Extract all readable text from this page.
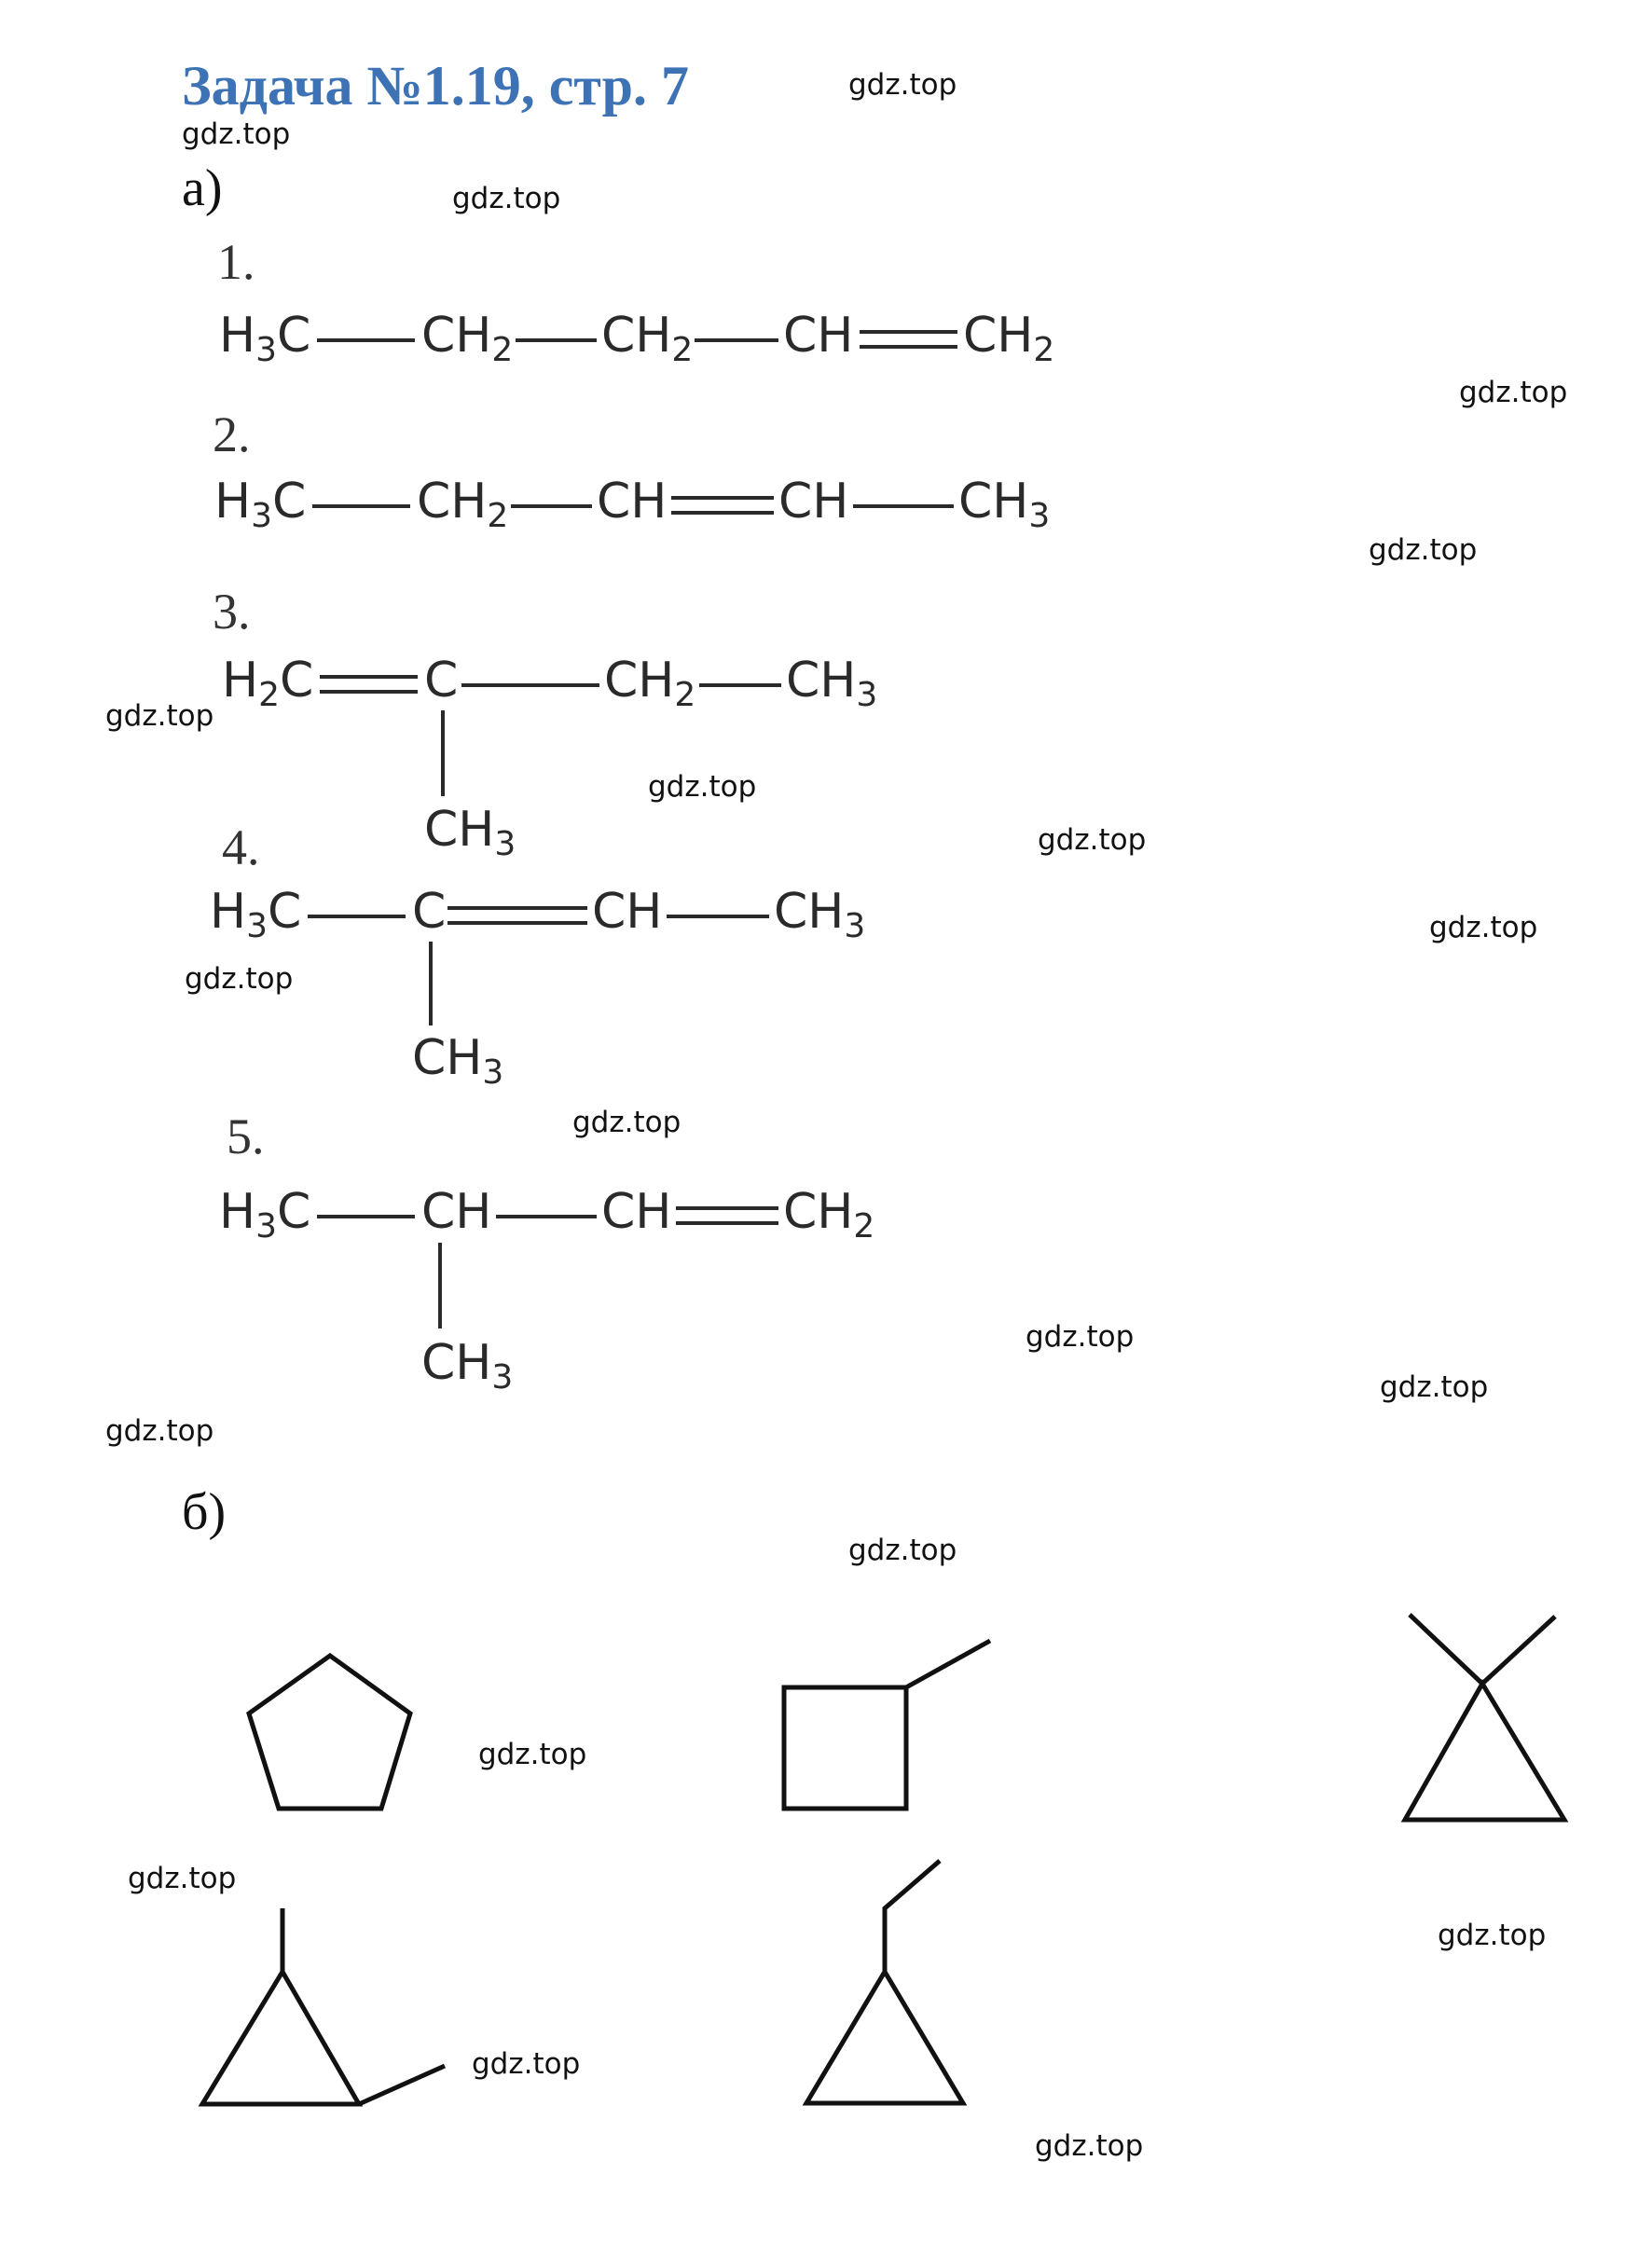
Задача №1.19, стр. 7	gdz.top
gdz.top
gdz.top
gdz.top
gdz.top
gdz.top
gdz.top
gdz.top
gdz.top
gdz.top
gdz.top
gdz.top
gdz.top
gdz.top
gdz.top
gdz.top
gdz.top
gdz.top
gdz.top
gdz.top
а)
1.
$H_3C$ $CH_2$ $CH_2$ CH $CH_2$
2.
$H_3C$ $CH_2$ CH CH $CH_3$
3.
$H_2C$ C	$CH_2$ $CH_3$
$CH_3$
4.
$H_3C$ C	CH $CH_3$
$CH_3$
5.
$H_3C$ CH CH $CH_2$
$CH_3$
б)
